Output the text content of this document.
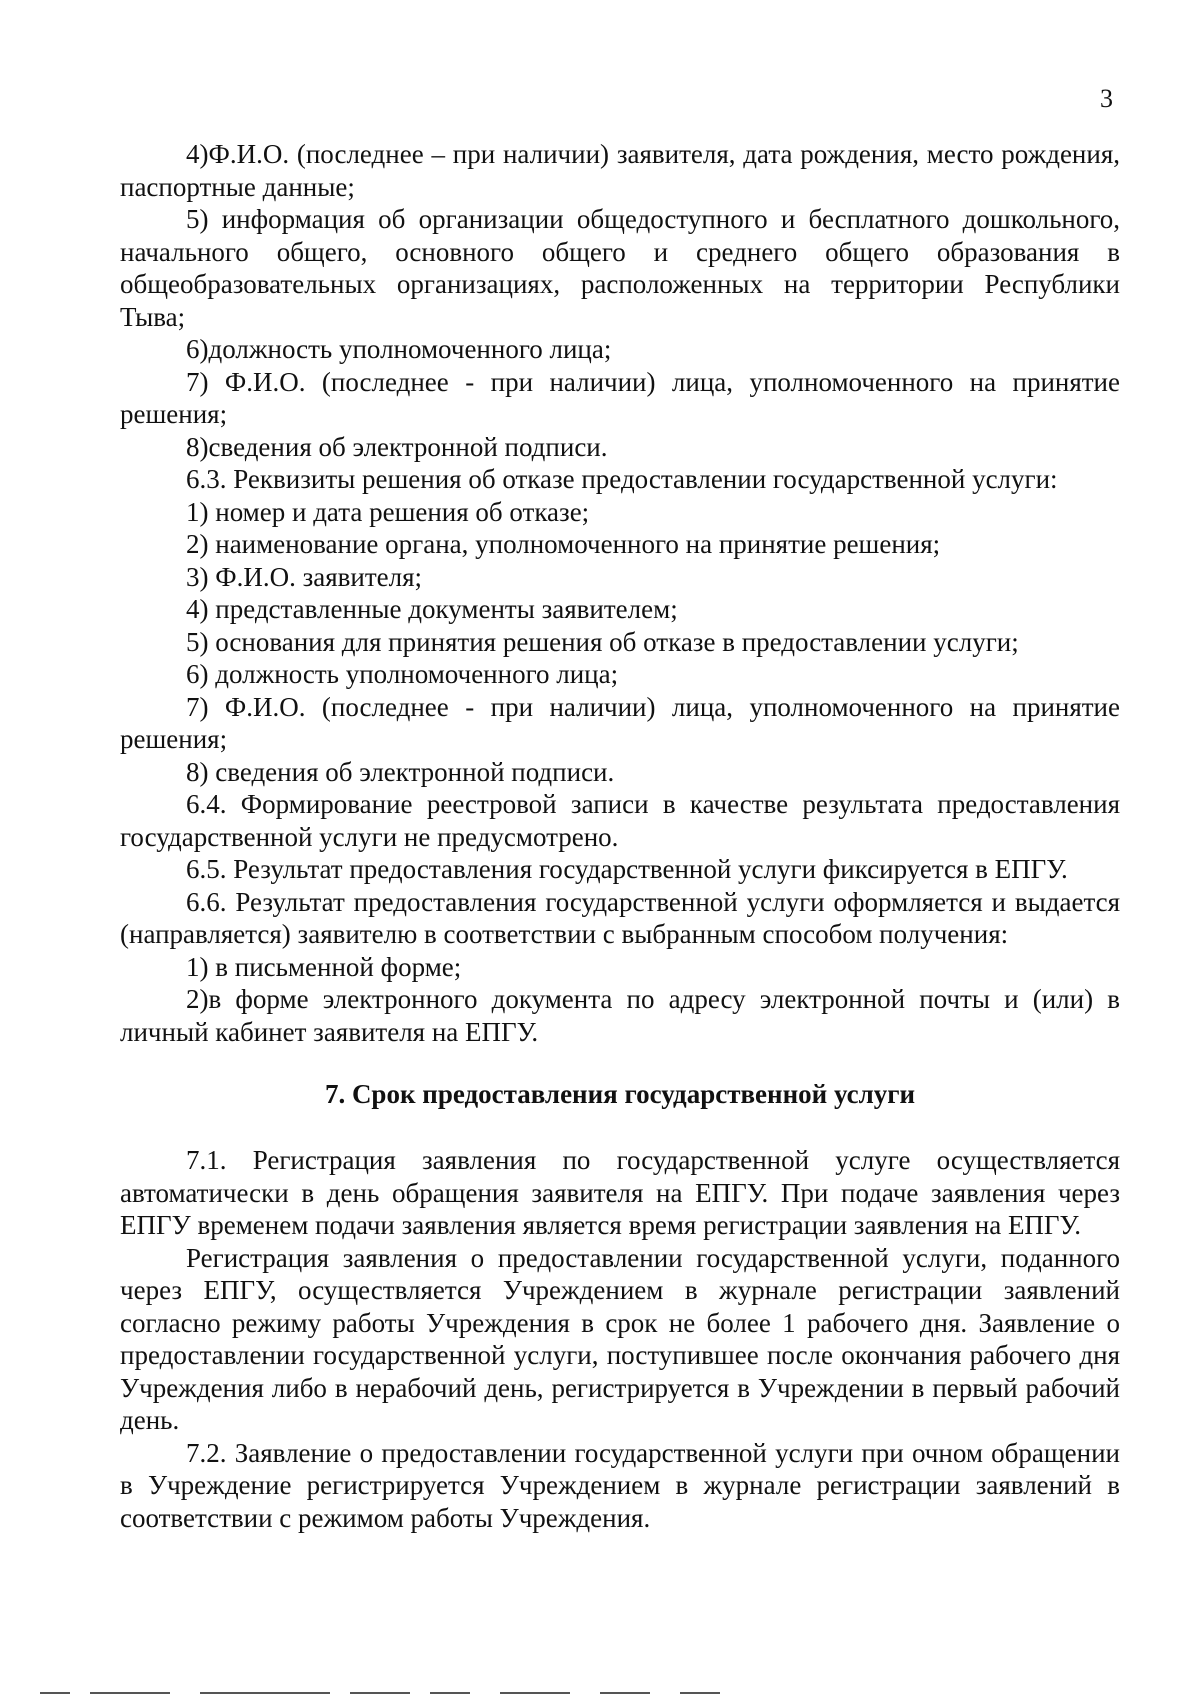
3

4)Ф.И.О. (последнее – при наличии) заявителя, дата рождения, место рождения, паспортные данные;

5) информация об организации общедоступного и бесплатного дошкольного, начального общего, основного общего и среднего общего образования в общеобразовательных организациях, расположенных на территории Республики Тыва;

6)должность уполномоченного лица;

7) Ф.И.О. (последнее - при наличии) лица, уполномоченного на принятие решения;

8)сведения об электронной подписи.

6.3. Реквизиты решения об отказе предоставлении государственной услуги:

1) номер и дата решения об отказе;

2) наименование органа, уполномоченного на принятие решения;

3) Ф.И.О. заявителя;

4) представленные документы заявителем;

5) основания для принятия решения об отказе в предоставлении услуги;

6) должность уполномоченного лица;

7) Ф.И.О. (последнее - при наличии) лица, уполномоченного на принятие решения;

8) сведения об электронной подписи.

6.4. Формирование реестровой записи в качестве результата предоставления государственной услуги не предусмотрено.

6.5. Результат предоставления государственной услуги фиксируется в ЕПГУ.

6.6. Результат предоставления государственной услуги оформляется и выдается (направляется) заявителю в соответствии с выбранным способом получения:

1) в письменной форме;

2)в форме электронного документа по адресу электронной почты и (или) в личный кабинет заявителя на ЕПГУ.

7. Срок предоставления государственной услуги

7.1. Регистрация заявления по государственной услуге осуществляется автоматически в день обращения заявителя на ЕПГУ. При подаче заявления через ЕПГУ временем подачи заявления является время регистрации заявления на ЕПГУ.

Регистрация заявления о предоставлении государственной услуги, поданного через ЕПГУ, осуществляется Учреждением в журнале регистрации заявлений согласно режиму работы Учреждения в срок не более 1 рабочего дня. Заявление о предоставлении государственной услуги, поступившее после окончания рабочего дня Учреждения либо в нерабочий день, регистрируется в Учреждении в первый рабочий день.

7.2. Заявление о предоставлении государственной услуги при очном обращении в Учреждение регистрируется Учреждением в журнале регистрации заявлений в соответствии с режимом работы Учреждения.
